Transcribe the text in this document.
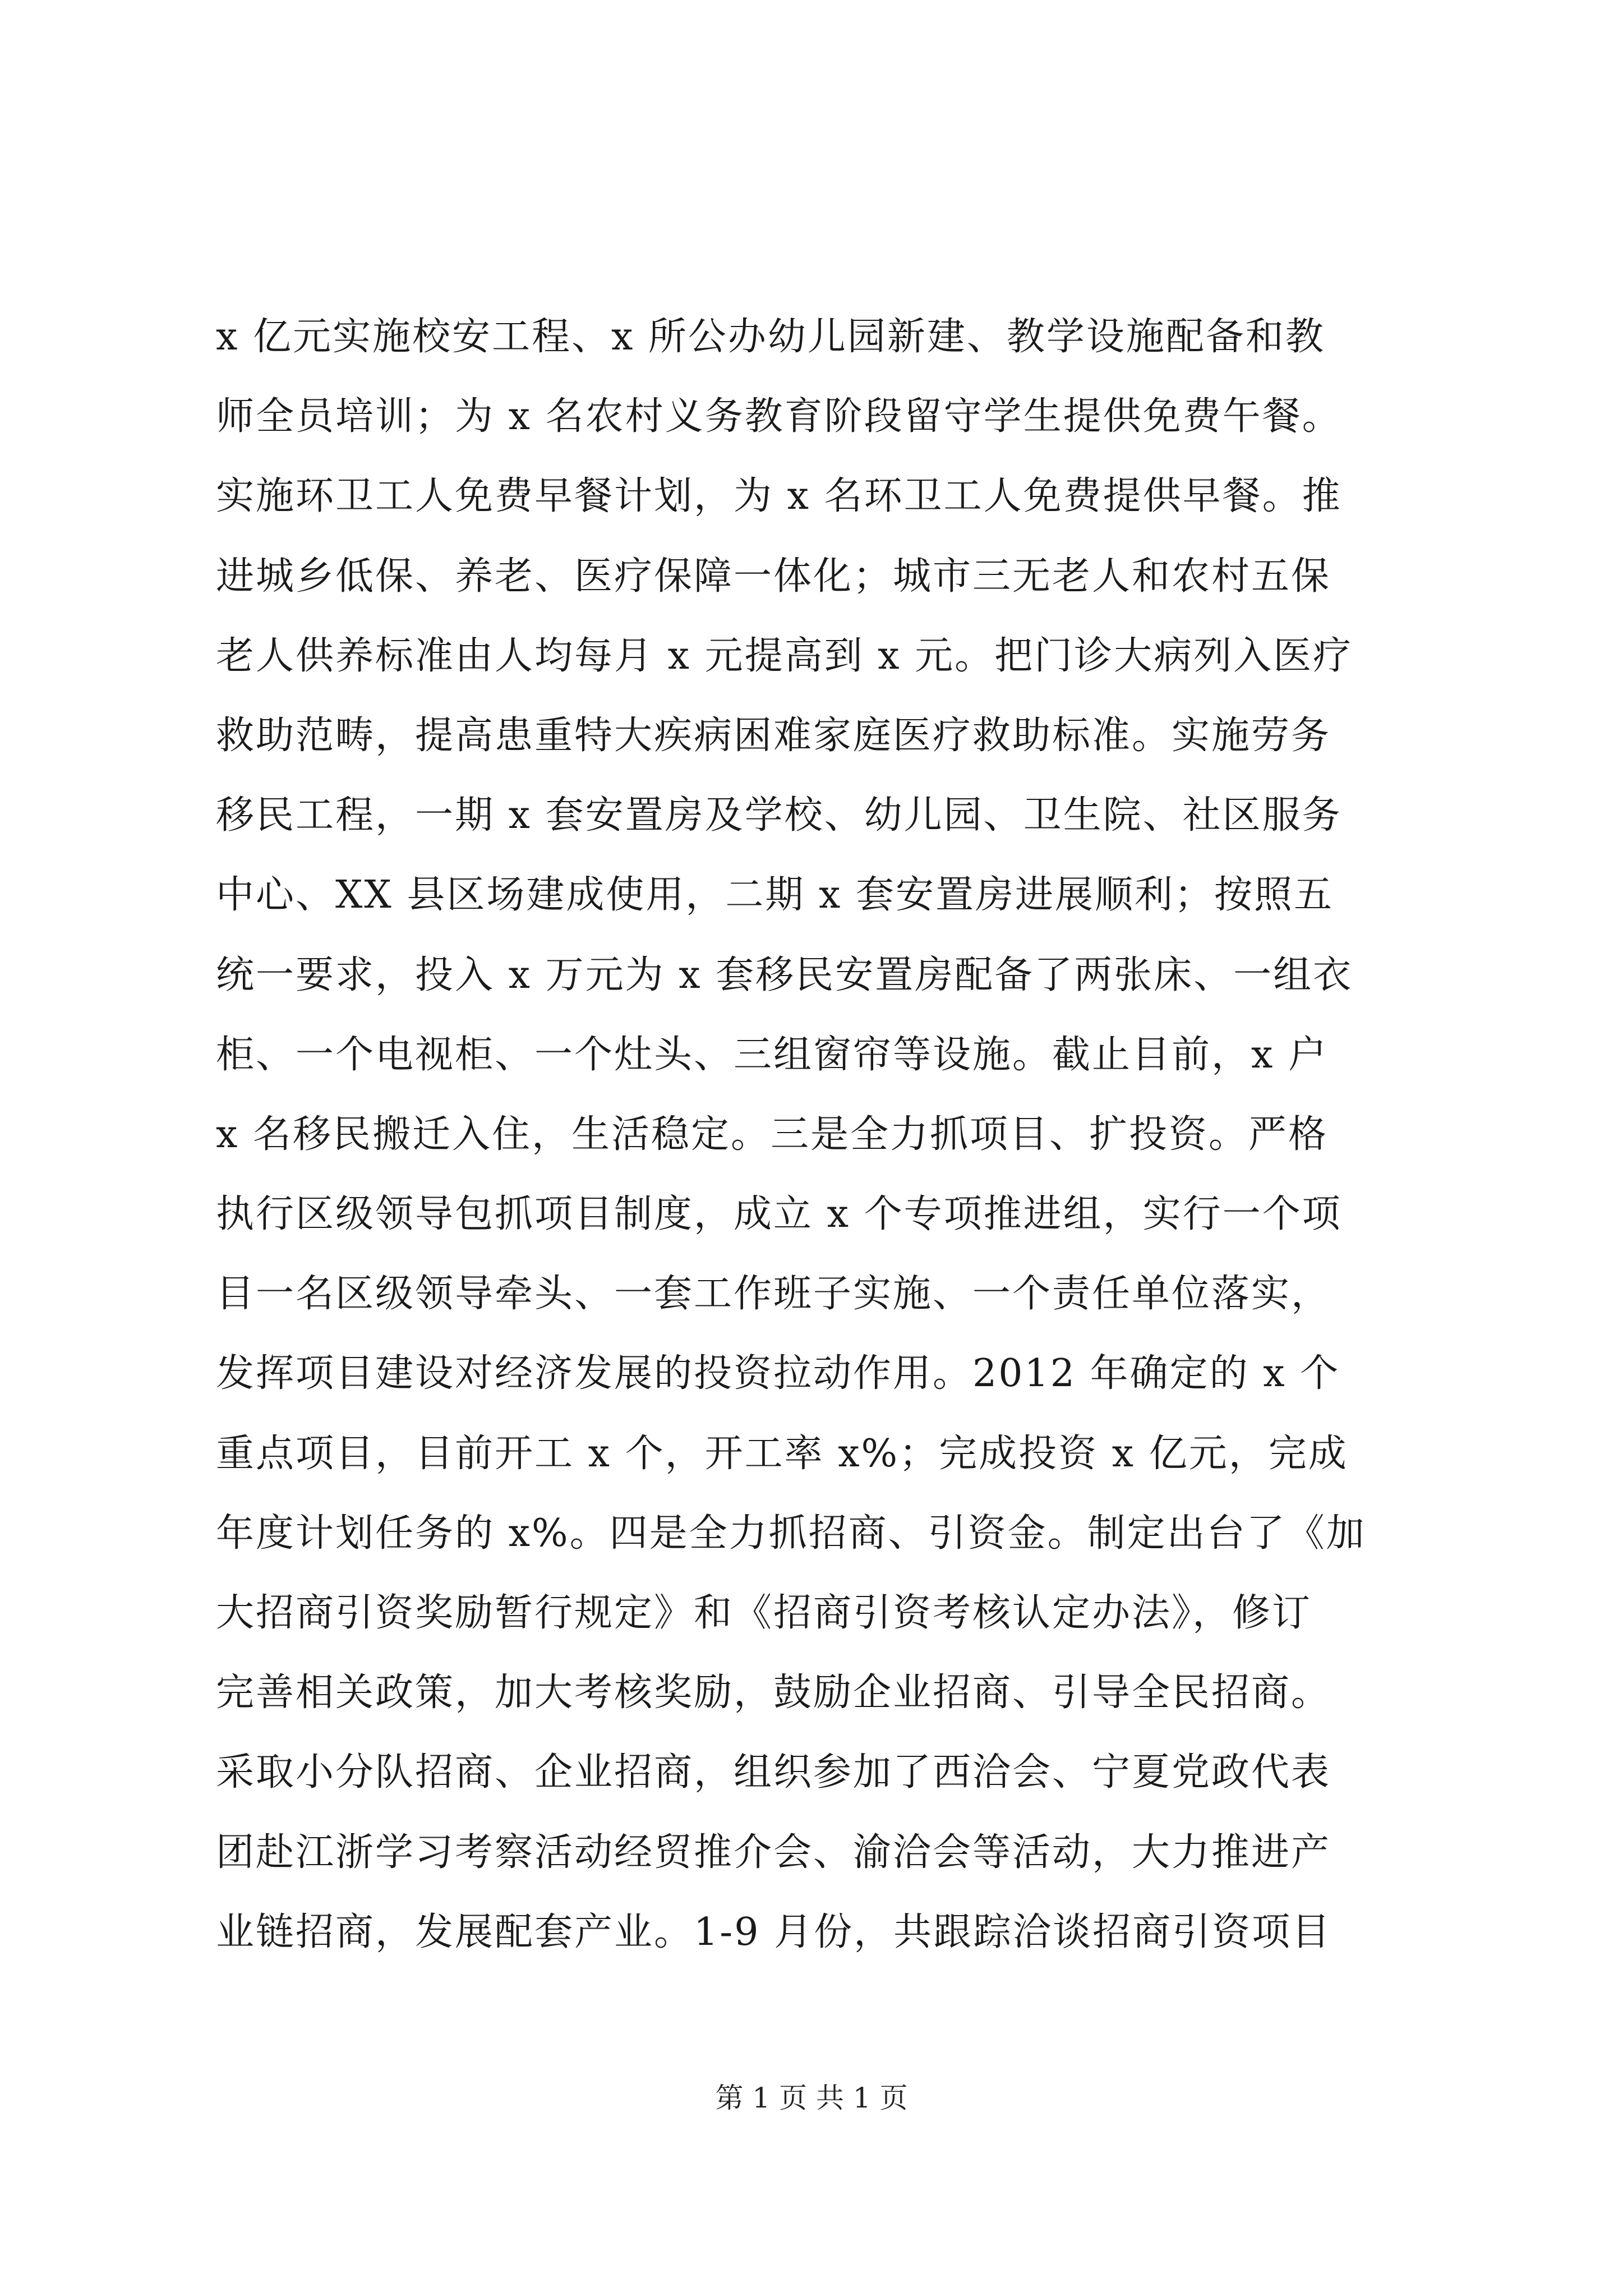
x 亿元实施校安工程、x 所公办幼儿园新建、教学设施配备和教
师全员培训；为 x 名农村义务教育阶段留守学生提供免费午餐。
实施环卫工人免费早餐计划，为 x 名环卫工人免费提供早餐。推
进城乡低保、养老、医疗保障一体化；城市三无老人和农村五保
老人供养标准由人均每月 x 元提高到 x 元。把门诊大病列入医疗
救助范畴，提高患重特大疾病困难家庭医疗救助标准。实施劳务
移民工程，一期 x 套安置房及学校、幼儿园、卫生院、社区服务
中心、XX 县区场建成使用，二期 x 套安置房进展顺利；按照五
统一要求，投入 x 万元为 x 套移民安置房配备了两张床、一组衣
柜、一个电视柜、一个灶头、三组窗帘等设施。截止目前，x 户
x 名移民搬迁入住，生活稳定。三是全力抓项目、扩投资。严格
执行区级领导包抓项目制度，成立 x 个专项推进组，实行一个项
目一名区级领导牵头、一套工作班子实施、一个责任单位落实，
发挥项目建设对经济发展的投资拉动作用。2012 年确定的 x 个
重点项目，目前开工 x 个，开工率 x%；完成投资 x 亿元，完成
年度计划任务的 x%。四是全力抓招商、引资金。制定出台了《加
大招商引资奖励暂行规定》和《招商引资考核认定办法》，修订
完善相关政策，加大考核奖励，鼓励企业招商、引导全民招商。
采取小分队招商、企业招商，组织参加了西洽会、宁夏党政代表
团赴江浙学习考察活动经贸推介会、渝洽会等活动，大力推进产
业链招商，发展配套产业。1-9 月份，共跟踪洽谈招商引资项目
第 1 页 共 1 页
